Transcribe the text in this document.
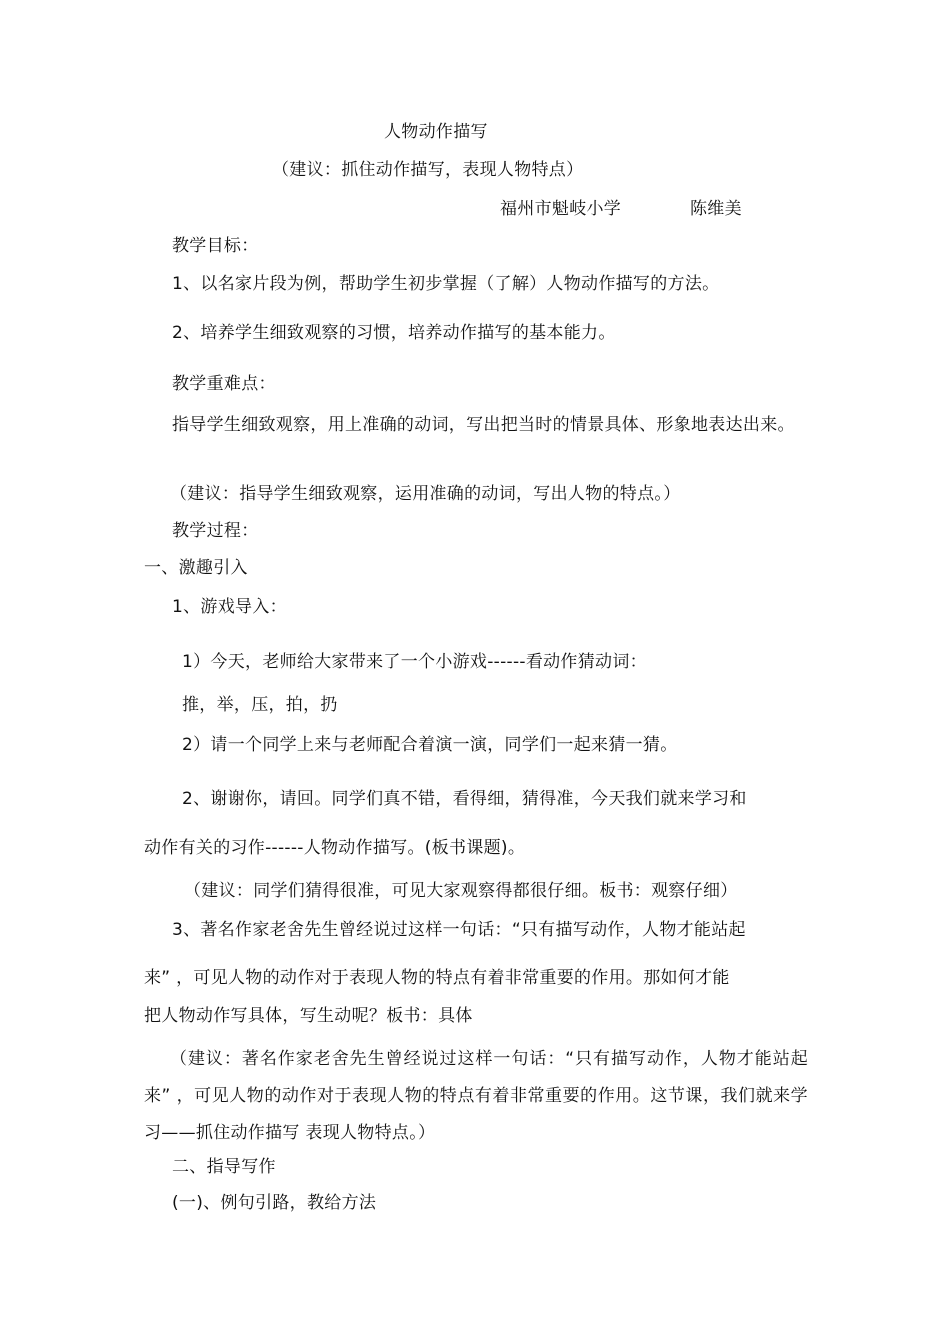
人物动作描写
（建议：抓住动作描写，表现人物特点）
福州市魁岐小学	陈维美
教学目标：
1、以名家片段为例，帮助学生初步掌握（了解）人物动作描写的方法。
2、培养学生细致观察的习惯，培养动作描写的基本能力。
教学重难点：
指导学生细致观察，用上准确的动词，写出把当时的情景具体、形象地表达出来。
（建议：指导学生细致观察，运用准确的动词，写出人物的特点。）
教学过程：
一、激趣引入
1、游戏导入：
1）今天，老师给大家带来了一个小游戏------看动作猜动词：
推，举，压，拍，扔
2）请一个同学上来与老师配合着演一演，同学们一起来猜一猜。
2、谢谢你，请回。同学们真不错，看得细，猜得准，今天我们就来学习和
动作有关的习作------人物动作描写。(板书课题)。
（建议：同学们猜得很准，可见大家观察得都很仔细。板书：观察仔细）
3、著名作家老舍先生曾经说过这样一句话：“只有描写动作，人物才能站起
来” ，可见人物的动作对于表现人物的特点有着非常重要的作用。那如何才能
把人物动作写具体，写生动呢？板书：具体
（建议：著名作家老舍先生曾经说过这样一句话：“只有描写动作，人物才能站起来” ，可见人物的动作对于表现人物的特点有着非常重要的作用。这节课，我们就来学习——抓住动作描写 表现人物特点。）
二、指导写作
(一)、例句引路，教给方法
